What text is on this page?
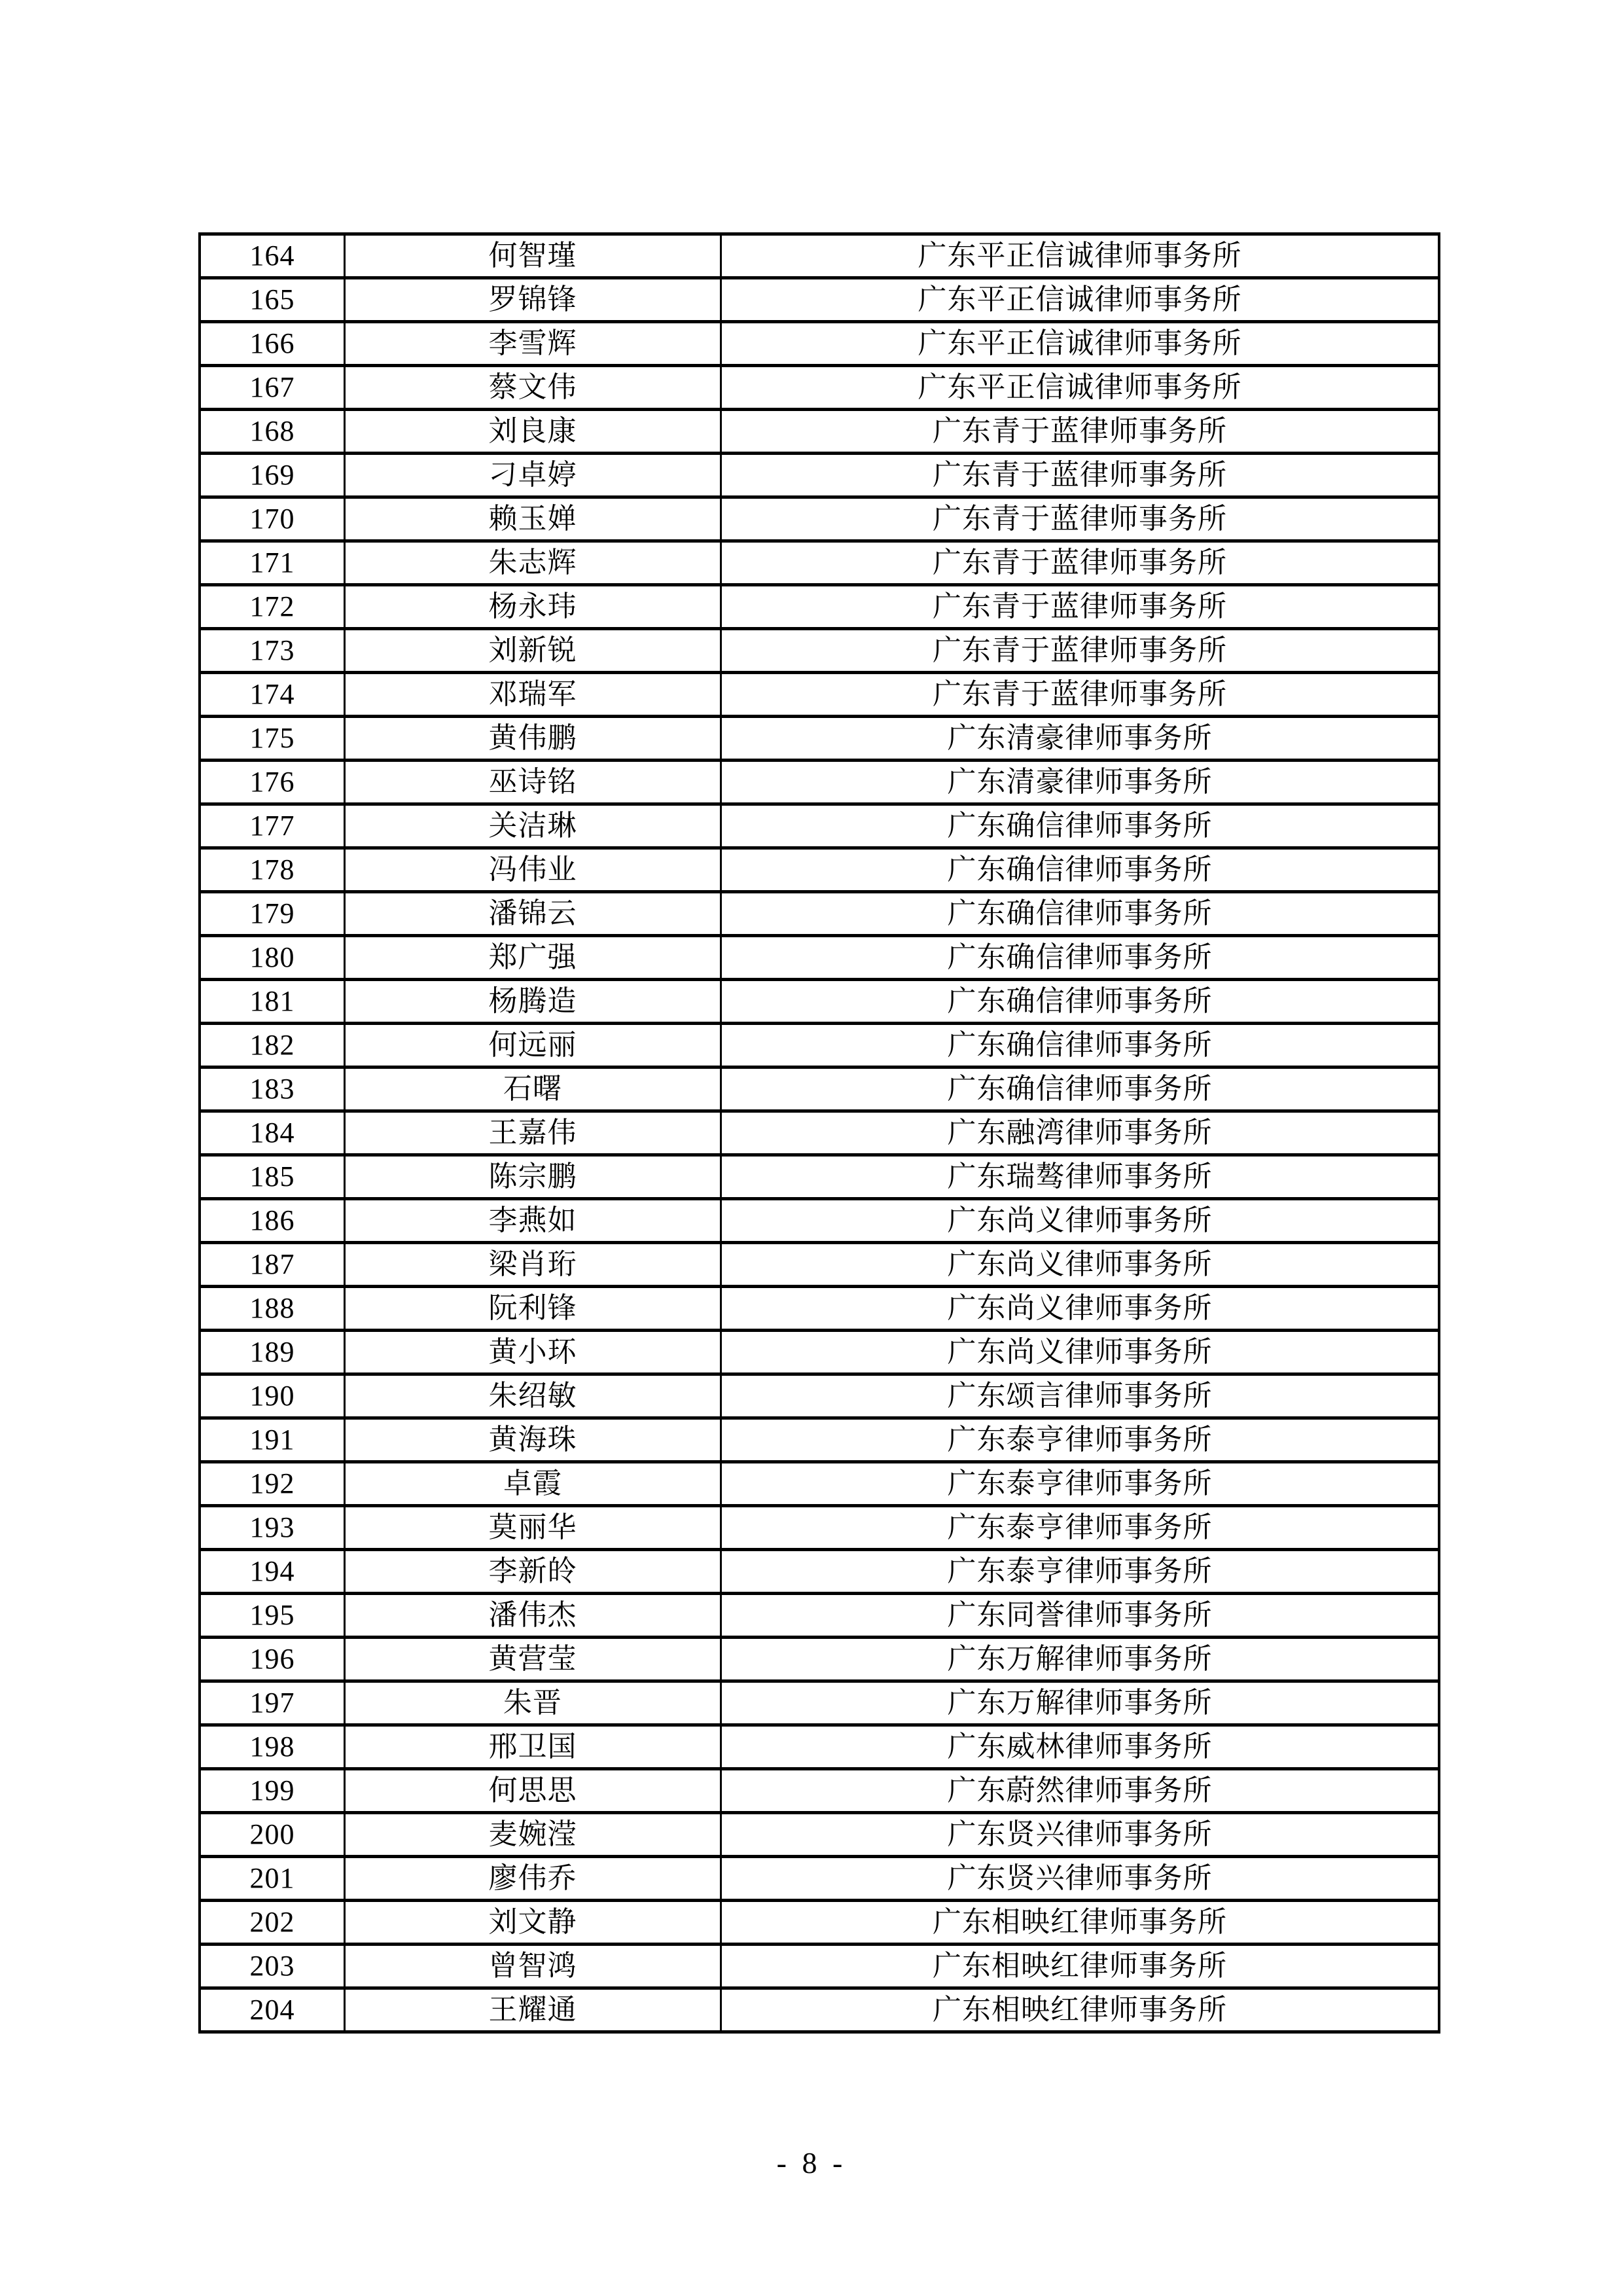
164	何智瑾	广东平正信诚律师事务所
165	罗锦锋	广东平正信诚律师事务所
166	李雪辉	广东平正信诚律师事务所
167	蔡文伟	广东平正信诚律师事务所
168	刘良康	广东青于蓝律师事务所
169	刁卓婷	广东青于蓝律师事务所
170	赖玉婵	广东青于蓝律师事务所
171	朱志辉	广东青于蓝律师事务所
172	杨永玮	广东青于蓝律师事务所
173	刘新锐	广东青于蓝律师事务所
174	邓瑞军	广东青于蓝律师事务所
175	黄伟鹏	广东清豪律师事务所
176	巫诗铭	广东清豪律师事务所
177	关洁琳	广东确信律师事务所
178	冯伟业	广东确信律师事务所
179	潘锦云	广东确信律师事务所
180	郑广强	广东确信律师事务所
181	杨腾造	广东确信律师事务所
182	何远丽	广东确信律师事务所
183	石曙	广东确信律师事务所
184	王嘉伟	广东融湾律师事务所
185	陈宗鹏	广东瑞骜律师事务所
186	李燕如	广东尚义律师事务所
187	梁肖珩	广东尚义律师事务所
188	阮利锋	广东尚义律师事务所
189	黄小环	广东尚义律师事务所
190	朱绍敏	广东颂言律师事务所
191	黄海珠	广东泰亨律师事务所
192	卓霞	广东泰亨律师事务所
193	莫丽华	广东泰亨律师事务所
194	李新皊	广东泰亨律师事务所
195	潘伟杰	广东同誉律师事务所
196	黄营莹	广东万解律师事务所
197	朱晋	广东万解律师事务所
198	邢卫国	广东威林律师事务所
199	何思思	广东蔚然律师事务所
200	麦婉滢	广东贤兴律师事务所
201	廖伟乔	广东贤兴律师事务所
202	刘文静	广东相映红律师事务所
203	曾智鸿	广东相映红律师事务所
204	王耀通	广东相映红律师事务所
- 8 -
